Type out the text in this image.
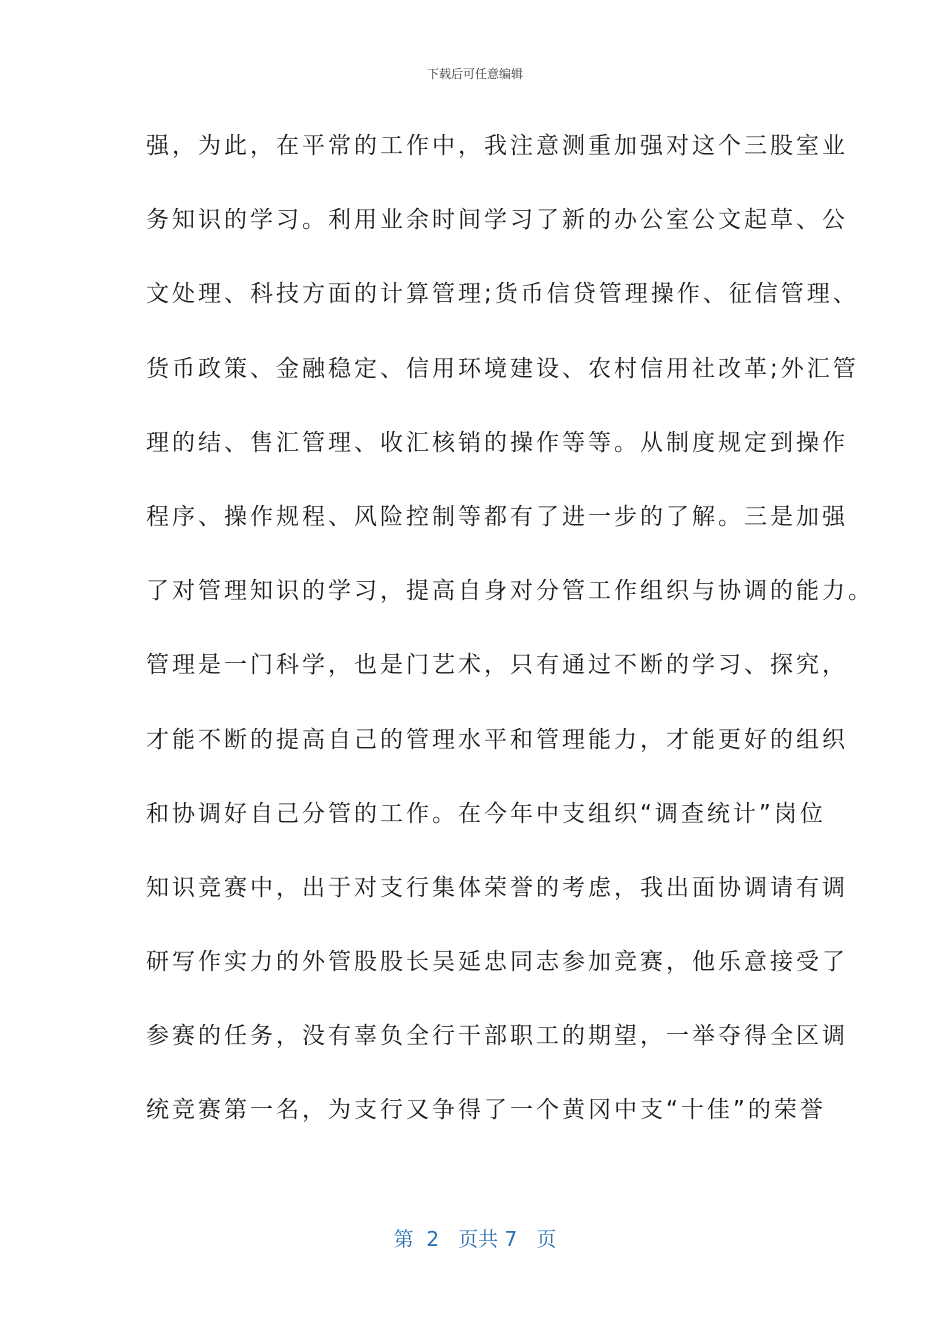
下载后可任意编辑
强，为此，在平常的工作中，我注意测重加强对这个三股室业
务知识的学习。利用业余时间学习了新的办公室公文起草、公
文处理、科技方面的计算管理;货币信贷管理操作、征信管理、
货币政策、金融稳定、信用环境建设、农村信用社改革;外汇管
理的结、售汇管理、收汇核销的操作等等。从制度规定到操作
程序、操作规程、风险控制等都有了进一步的了解。三是加强
了对管理知识的学习，提高自身对分管工作组织与协调的能力。
管理是一门科学，也是门艺术，只有通过不断的学习、探究，
才能不断的提高自己的管理水平和管理能力，才能更好的组织
和协调好自己分管的工作。在今年中支组织“调查统计”岗位
知识竞赛中，出于对支行集体荣誉的考虑，我出面协调请有调
研写作实力的外管股股长吴延忠同志参加竞赛，他乐意接受了
参赛的任务，没有辜负全行干部职工的期望，一举夺得全区调
统竞赛第一名，为支行又争得了一个黄冈中支“十佳”的荣誉
第 2 页共 7 页
